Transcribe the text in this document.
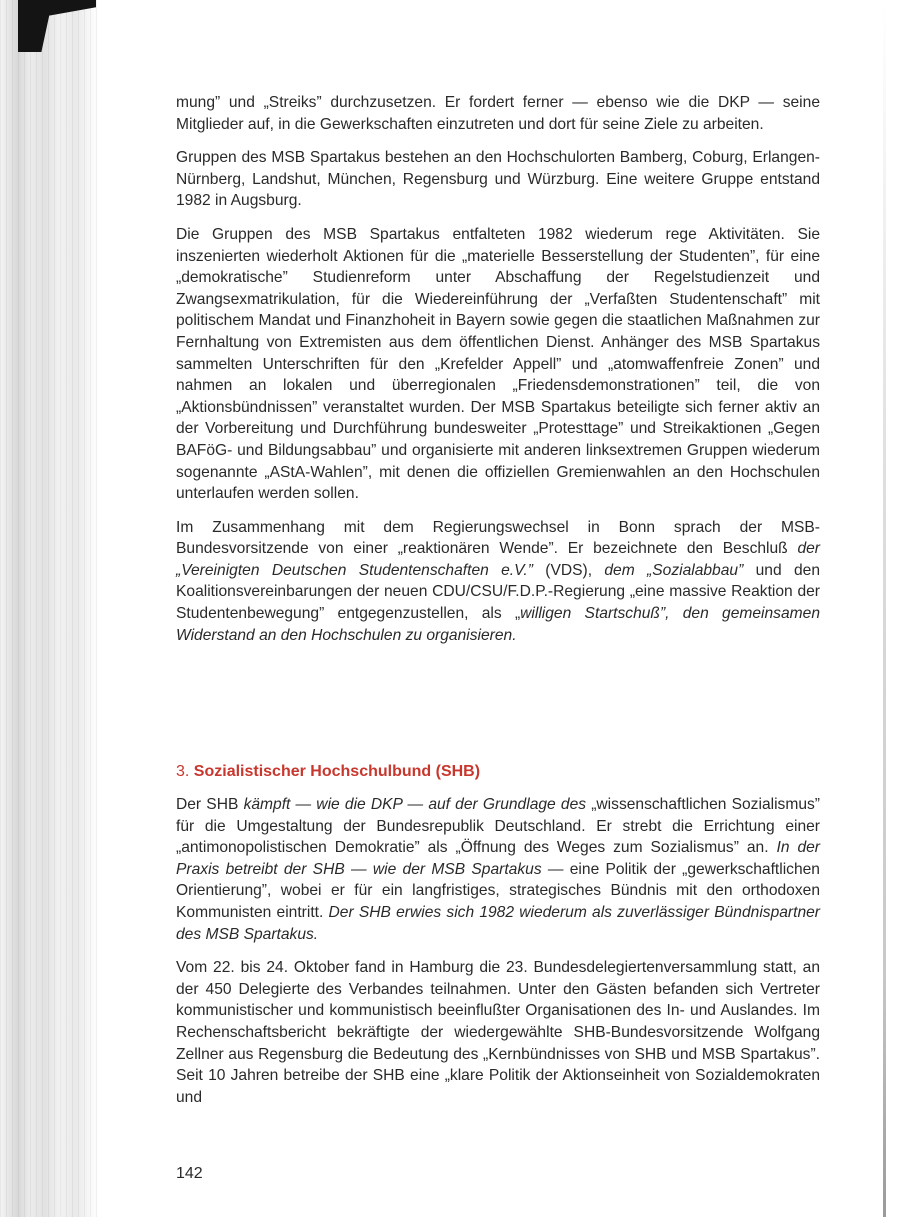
mung” und „Streiks” durchzusetzen. Er fordert ferner — ebenso wie die DKP — seine Mitglieder auf, in die Gewerkschaften einzutreten und dort für seine Ziele zu arbeiten.

Gruppen des MSB Spartakus bestehen an den Hochschulorten Bamberg, Coburg, Erlangen-Nürnberg, Landshut, München, Regensburg und Würzburg. Eine weitere Gruppe entstand 1982 in Augsburg.

Die Gruppen des MSB Spartakus entfalteten 1982 wiederum rege Aktivitäten. Sie inszenierten wiederholt Aktionen für die „materielle Besserstellung der Studenten”, für eine „demokratische” Studienreform unter Abschaffung der Regelstudienzeit und Zwangsexmatrikulation, für die Wiedereinführung der „Verfaßten Studentenschaft” mit politischem Mandat und Finanzhoheit in Bayern sowie gegen die staatlichen Maßnahmen zur Fernhaltung von Extremisten aus dem öffentlichen Dienst. Anhänger des MSB Spartakus sammelten Unterschriften für den „Krefelder Appell” und „atomwaffenfreie Zonen” und nahmen an lokalen und überregionalen „Friedensdemonstrationen” teil, die von „Aktionsbündnissen” veranstaltet wurden. Der MSB Spartakus beteiligte sich ferner aktiv an der Vorbereitung und Durchführung bundesweiter „Protesttage” und Streikaktionen „Gegen BAFöG- und Bildungsabbau” und organisierte mit anderen linksextremen Gruppen wiederum sogenannte „AStA-Wahlen”, mit denen die offiziellen Gremienwahlen an den Hochschulen unterlaufen werden sollen.

Im Zusammenhang mit dem Regierungswechsel in Bonn sprach der MSB-Bundesvorsitzende von einer „reaktionären Wende”. Er bezeichnete den Beschluß der „Vereinigten Deutschen Studentenschaften e.V.” (VDS), dem „Sozialabbau” und den Koalitionsvereinbarungen der neuen CDU/CSU/F.D.P.-Regierung „eine massive Reaktion der Studentenbewegung” entgegenzustellen, als „willigen Startschuß”, den gemeinsamen Widerstand an den Hochschulen zu organisieren.

3. Sozialistischer Hochschulbund (SHB)

Der SHB kämpft — wie die DKP — auf der Grundlage des „wissenschaftlichen Sozialismus” für die Umgestaltung der Bundesrepublik Deutschland. Er strebt die Errichtung einer „antimonopolistischen Demokratie” als „Öffnung des Weges zum Sozialismus” an. In der Praxis betreibt der SHB — wie der MSB Spartakus — eine Politik der „gewerkschaftlichen Orientierung”, wobei er für ein langfristiges, strategisches Bündnis mit den orthodoxen Kommunisten eintritt. Der SHB erwies sich 1982 wiederum als zuverlässiger Bündnispartner des MSB Spartakus.

Vom 22. bis 24. Oktober fand in Hamburg die 23. Bundesdelegiertenversammlung statt, an der 450 Delegierte des Verbandes teilnahmen. Unter den Gästen befanden sich Vertreter kommunistischer und kommunistisch beeinflußter Organisationen des In- und Auslandes. Im Rechenschaftsbericht bekräftigte der wiedergewählte SHB-Bundesvorsitzende Wolfgang Zellner aus Regensburg die Bedeutung des „Kernbündnisses von SHB und MSB Spartakus”. Seit 10 Jahren betreibe der SHB eine „klare Politik der Aktionseinheit von Sozialdemokraten und

142
